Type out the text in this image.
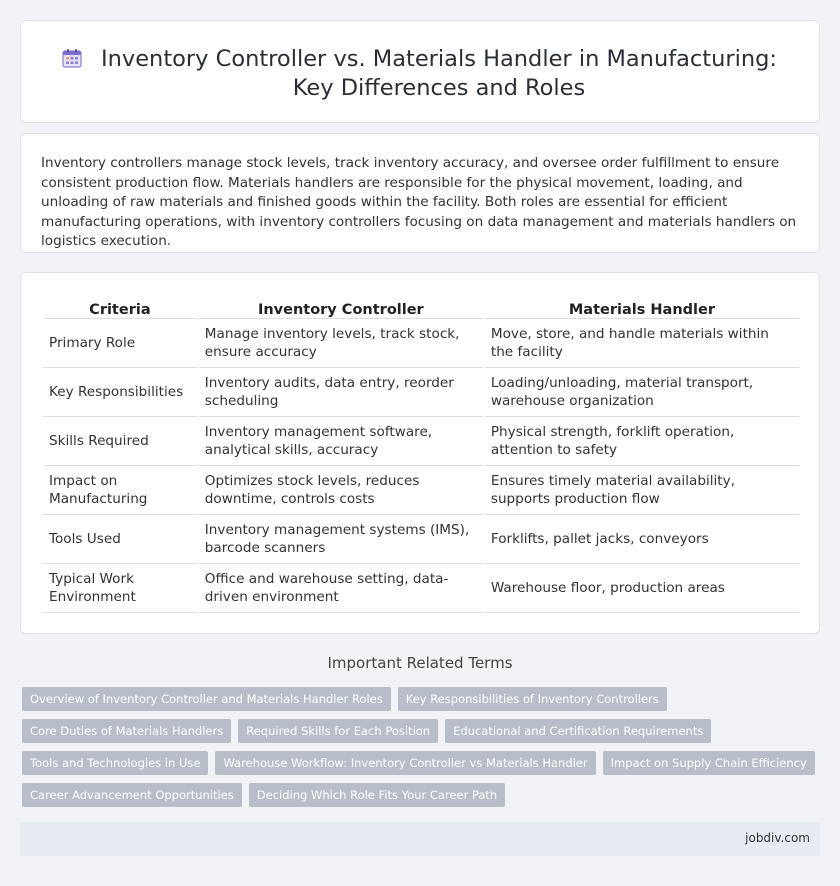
Inventory Controller vs. Materials Handler in Manufacturing: Key Differences and Roles

Inventory controllers manage stock levels, track inventory accuracy, and oversee order fulfillment to ensure consistent production flow. Materials handlers are responsible for the physical movement, loading, and unloading of raw materials and finished goods within the facility. Both roles are essential for efficient manufacturing operations, with inventory controllers focusing on data management and materials handlers on logistics execution.

Criteria	Inventory Controller	Materials Handler
Primary Role	Manage inventory levels, track stock, ensure accuracy	Move, store, and handle materials within the facility
Key Responsibilities	Inventory audits, data entry, reorder scheduling	Loading/unloading, material transport, warehouse organization
Skills Required	Inventory management software, analytical skills, accuracy	Physical strength, forklift operation, attention to safety
Impact on Manufacturing	Optimizes stock levels, reduces downtime, controls costs	Ensures timely material availability, supports production flow
Tools Used	Inventory management systems (IMS), barcode scanners	Forklifts, pallet jacks, conveyors
Typical Work Environment	Office and warehouse setting, data-driven environment	Warehouse floor, production areas
Important Related Terms
Overview of Inventory Controller and Materials Handler Roles	Key Responsibilities of Inventory Controllers
Core Duties of Materials Handlers	Required Skills for Each Position	Educational and Certification Requirements
Tools and Technologies in Use	Warehouse Workflow: Inventory Controller vs Materials Handler	Impact on Supply Chain Efficiency
Career Advancement Opportunities	Deciding Which Role Fits Your Career Path
jobdiv.com
